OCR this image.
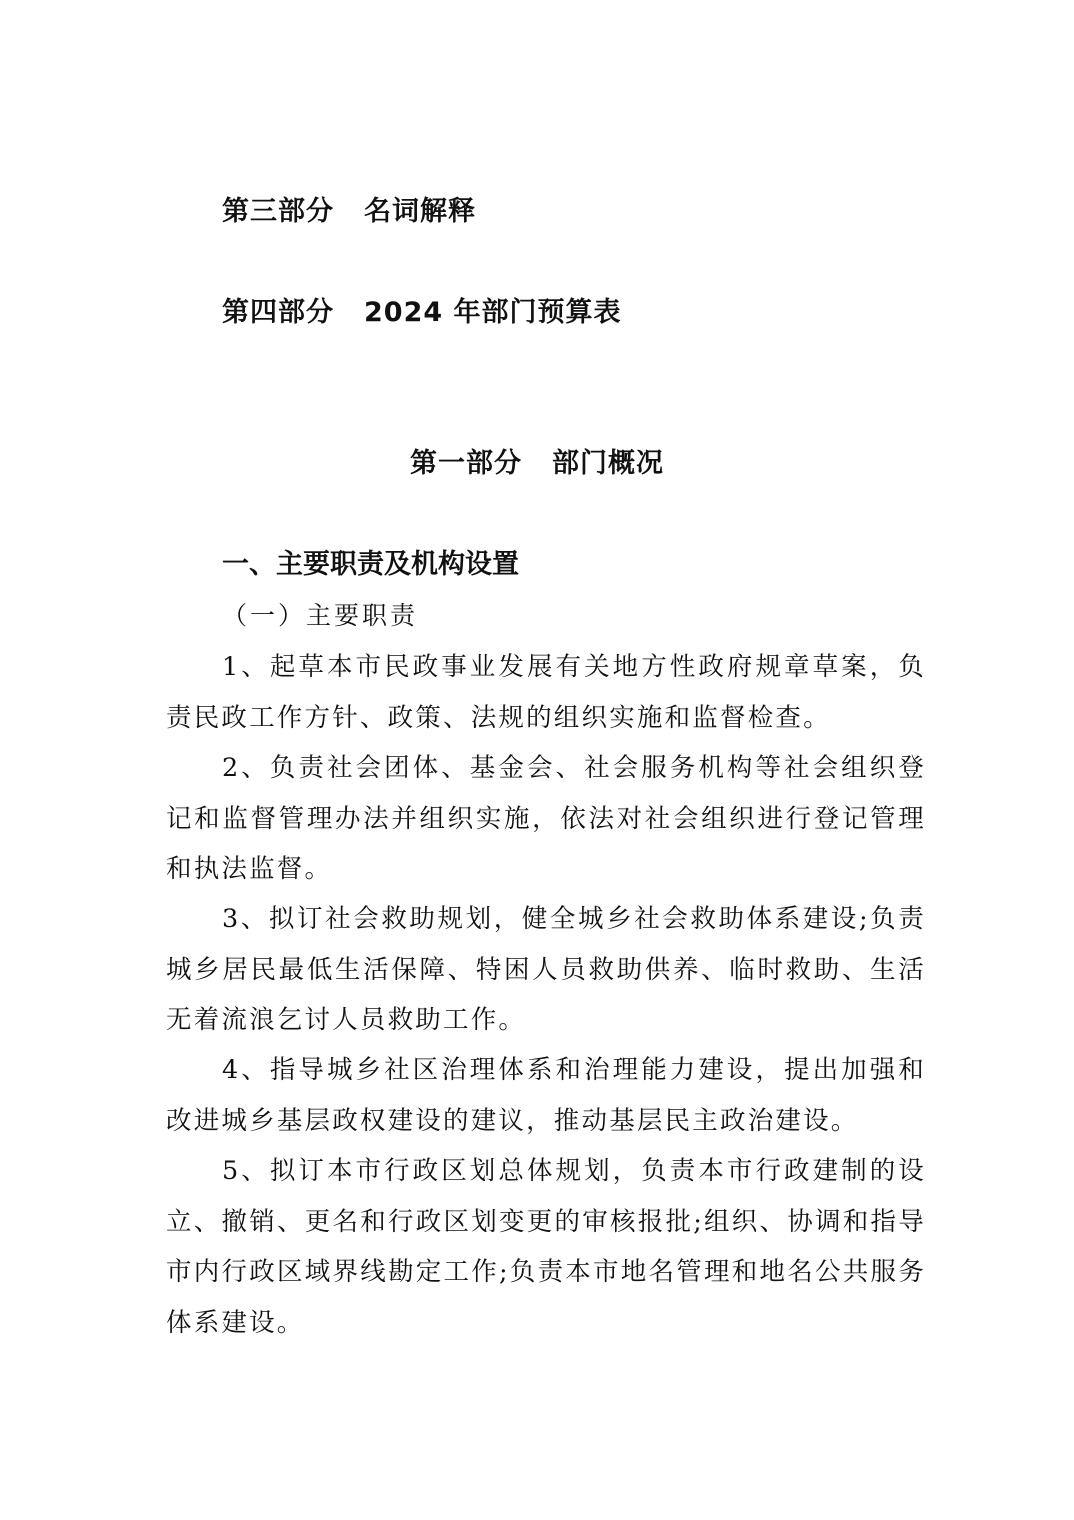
第三部分 名词解释
第四部分 2024 年部门预算表
第一部分 部门概况
一、主要职责及机构设置
（一）主要职责

1、起草本市民政事业发展有关地方性政府规章草案，负责民政工作方针、政策、法规的组织实施和监督检查。

2、负责社会团体、基金会、社会服务机构等社会组织登记和监督管理办法并组织实施，依法对社会组织进行登记管理和执法监督。

3、拟订社会救助规划，健全城乡社会救助体系建设;负责城乡居民最低生活保障、特困人员救助供养、临时救助、生活无着流浪乞讨人员救助工作。

4、指导城乡社区治理体系和治理能力建设，提出加强和改进城乡基层政权建设的建议，推动基层民主政治建设。

5、拟订本市行政区划总体规划，负责本市行政建制的设立、撤销、更名和行政区划变更的审核报批;组织、协调和指导市内行政区域界线勘定工作;负责本市地名管理和地名公共服务体系建设。
